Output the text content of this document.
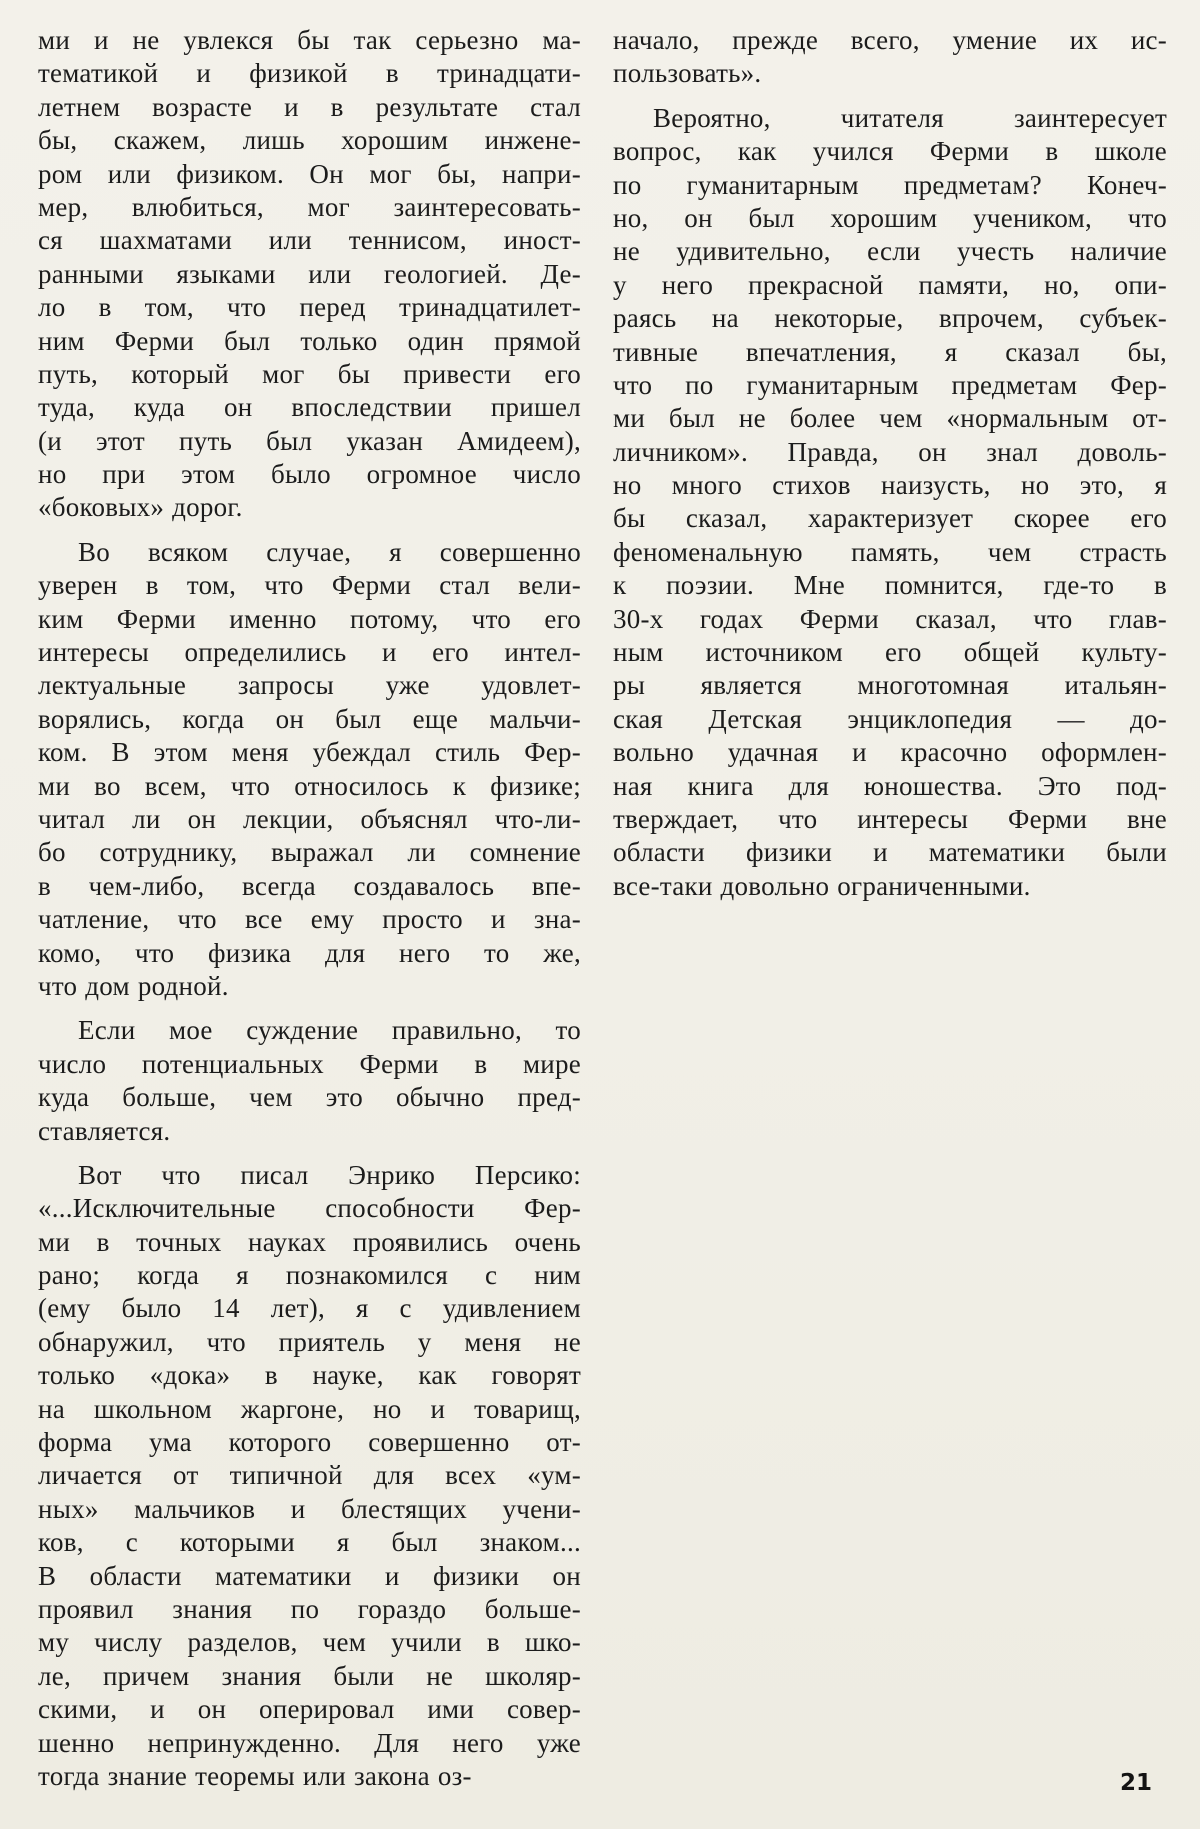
ми и не увлекся бы так серьезно ма-
тематикой и физикой в тринадцати-
летнем возрасте и в результате стал
бы, скажем, лишь хорошим инжене-
ром или физиком. Он мог бы, напри-
мер, влюбиться, мог заинтересовать-
ся шахматами или теннисом, иност-
ранными языками или геологией. Де-
ло в том, что перед тринадцатилет-
ним Ферми был только один прямой
путь, который мог бы привести его
туда, куда он впоследствии пришел
(и этот путь был указан Амидеем),
но при этом было огромное число
«боковых» дорог.
Во всяком случае, я совершенно
уверен в том, что Ферми стал вели-
ким Ферми именно потому, что его
интересы определились и его интел-
лектуальные запросы уже удовлет-
ворялись, когда он был еще мальчи-
ком. В этом меня убеждал стиль Фер-
ми во всем, что относилось к физике;
читал ли он лекции, объяснял что-ли-
бо сотруднику, выражал ли сомнение
в чем-либо, всегда создавалось впе-
чатление, что все ему просто и зна-
комо, что физика для него то же,
что дом родной.
Если мое суждение правильно, то
число потенциальных Ферми в мире
куда больше, чем это обычно пред-
ставляется.
Вот что писал Энрико Персико:
«...Исключительные способности Фер-
ми в точных науках проявились очень
рано; когда я познакомился с ним
(ему было 14 лет), я с удивлением
обнаружил, что приятель у меня не
только «дока» в науке, как говорят
на школьном жаргоне, но и товарищ,
форма ума которого совершенно от-
личается от типичной для всех «ум-
ных» мальчиков и блестящих учени-
ков, с которыми я был знаком...
В области математики и физики он
проявил знания по гораздо больше-
му числу разделов, чем учили в шко-
ле, причем знания были не школяр-
скими, и он оперировал ими совер-
шенно непринужденно. Для него уже
тогда знание теоремы или закона оз-
начало, прежде всего, умение их ис-
пользовать».
Вероятно, читателя заинтересует
вопрос, как учился Ферми в школе
по гуманитарным предметам? Конеч-
но, он был хорошим учеником, что
не удивительно, если учесть наличие
у него прекрасной памяти, но, опи-
раясь на некоторые, впрочем, субъек-
тивные впечатления, я сказал бы,
что по гуманитарным предметам Фер-
ми был не более чем «нормальным от-
личником». Правда, он знал доволь-
но много стихов наизусть, но это, я
бы сказал, характеризует скорее его
феноменальную память, чем страсть
к поэзии. Мне помнится, где-то в
30-х годах Ферми сказал, что глав-
ным источником его общей культу-
ры является многотомная итальян-
ская Детская энциклопедия — до-
вольно удачная и красочно оформлен-
ная книга для юношества. Это под-
тверждает, что интересы Ферми вне
области физики и математики были
все-таки довольно ограниченными.
21
